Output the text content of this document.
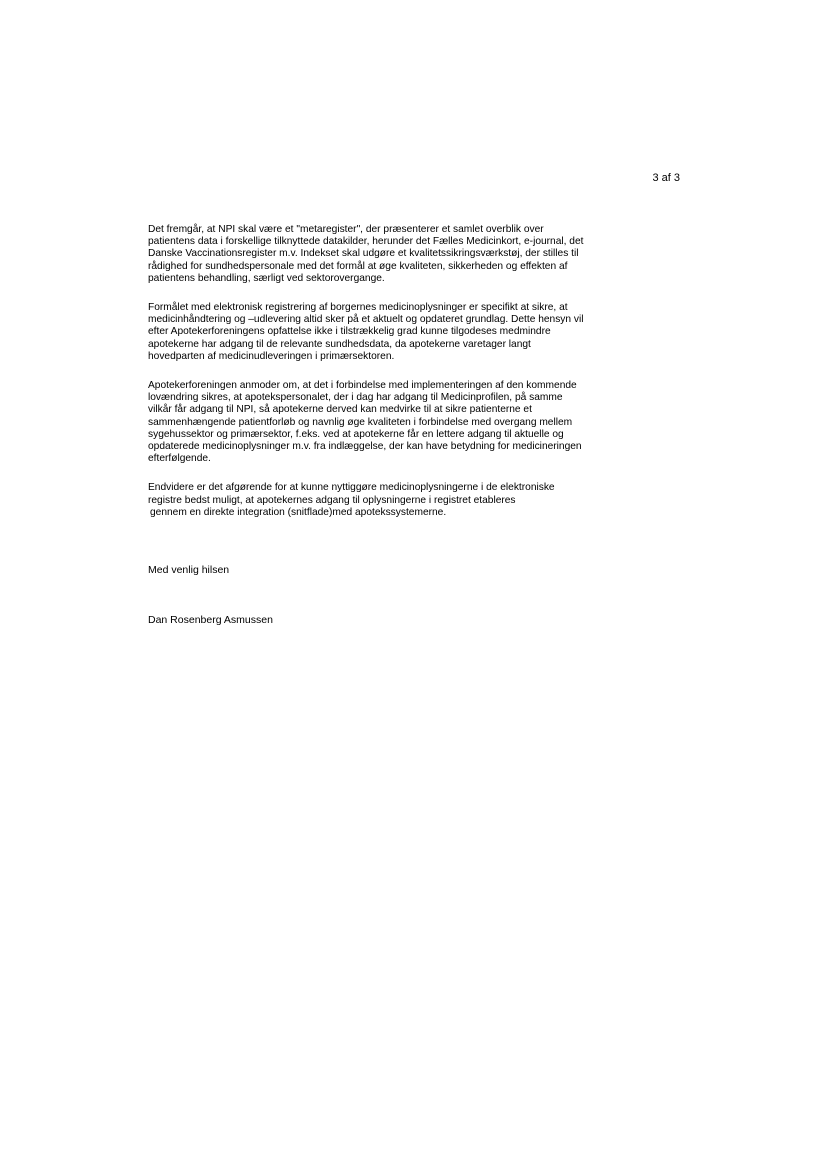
3 af 3

Det fremgår, at NPI skal være et "metaregister", der præsenterer et samlet overblik over
patientens data i forskellige tilknyttede datakilder, herunder det Fælles Medicinkort, e-journal, det
Danske Vaccinationsregister m.v. Indekset skal udgøre et kvalitetssikringsværkstøj, der stilles til
rådighed for sundhedspersonale med det formål at øge kvaliteten, sikkerheden og effekten af
patientens behandling, særligt ved sektorovergange.

Formålet med elektronisk registrering af borgernes medicinoplysninger er specifikt at sikre, at
medicinhåndtering og –udlevering altid sker på et aktuelt og opdateret grundlag. Dette hensyn vil
efter Apotekerforeningens opfattelse ikke i tilstrækkelig grad kunne tilgodeses medmindre
apotekerne har adgang til de relevante sundhedsdata, da apotekerne varetager langt
hovedparten af medicinudleveringen i primærsektoren.

Apotekerforeningen anmoder om, at det i forbindelse med implementeringen af den kommende
lovændring sikres, at apotekspersonalet, der i dag har adgang til Medicinprofilen, på samme
vilkår får adgang til NPI, så apotekerne derved kan medvirke til at sikre patienterne et
sammenhængende patientforløb og navnlig øge kvaliteten i forbindelse med overgang mellem
sygehussektor og primærsektor, f.eks. ved at apotekerne får en lettere adgang til aktuelle og
opdaterede medicinoplysninger m.v. fra indlæggelse, der kan have betydning for medicineringen
efterfølgende.

Endvidere er det afgørende for at kunne nyttiggøre medicinoplysningerne i de elektroniske
registre bedst muligt, at apotekernes adgang til oplysningerne i registret etableres
gennem en direkte integration (snitflade)med apotekssystemerne.

Med venlig hilsen
Dan Rosenberg Asmussen
